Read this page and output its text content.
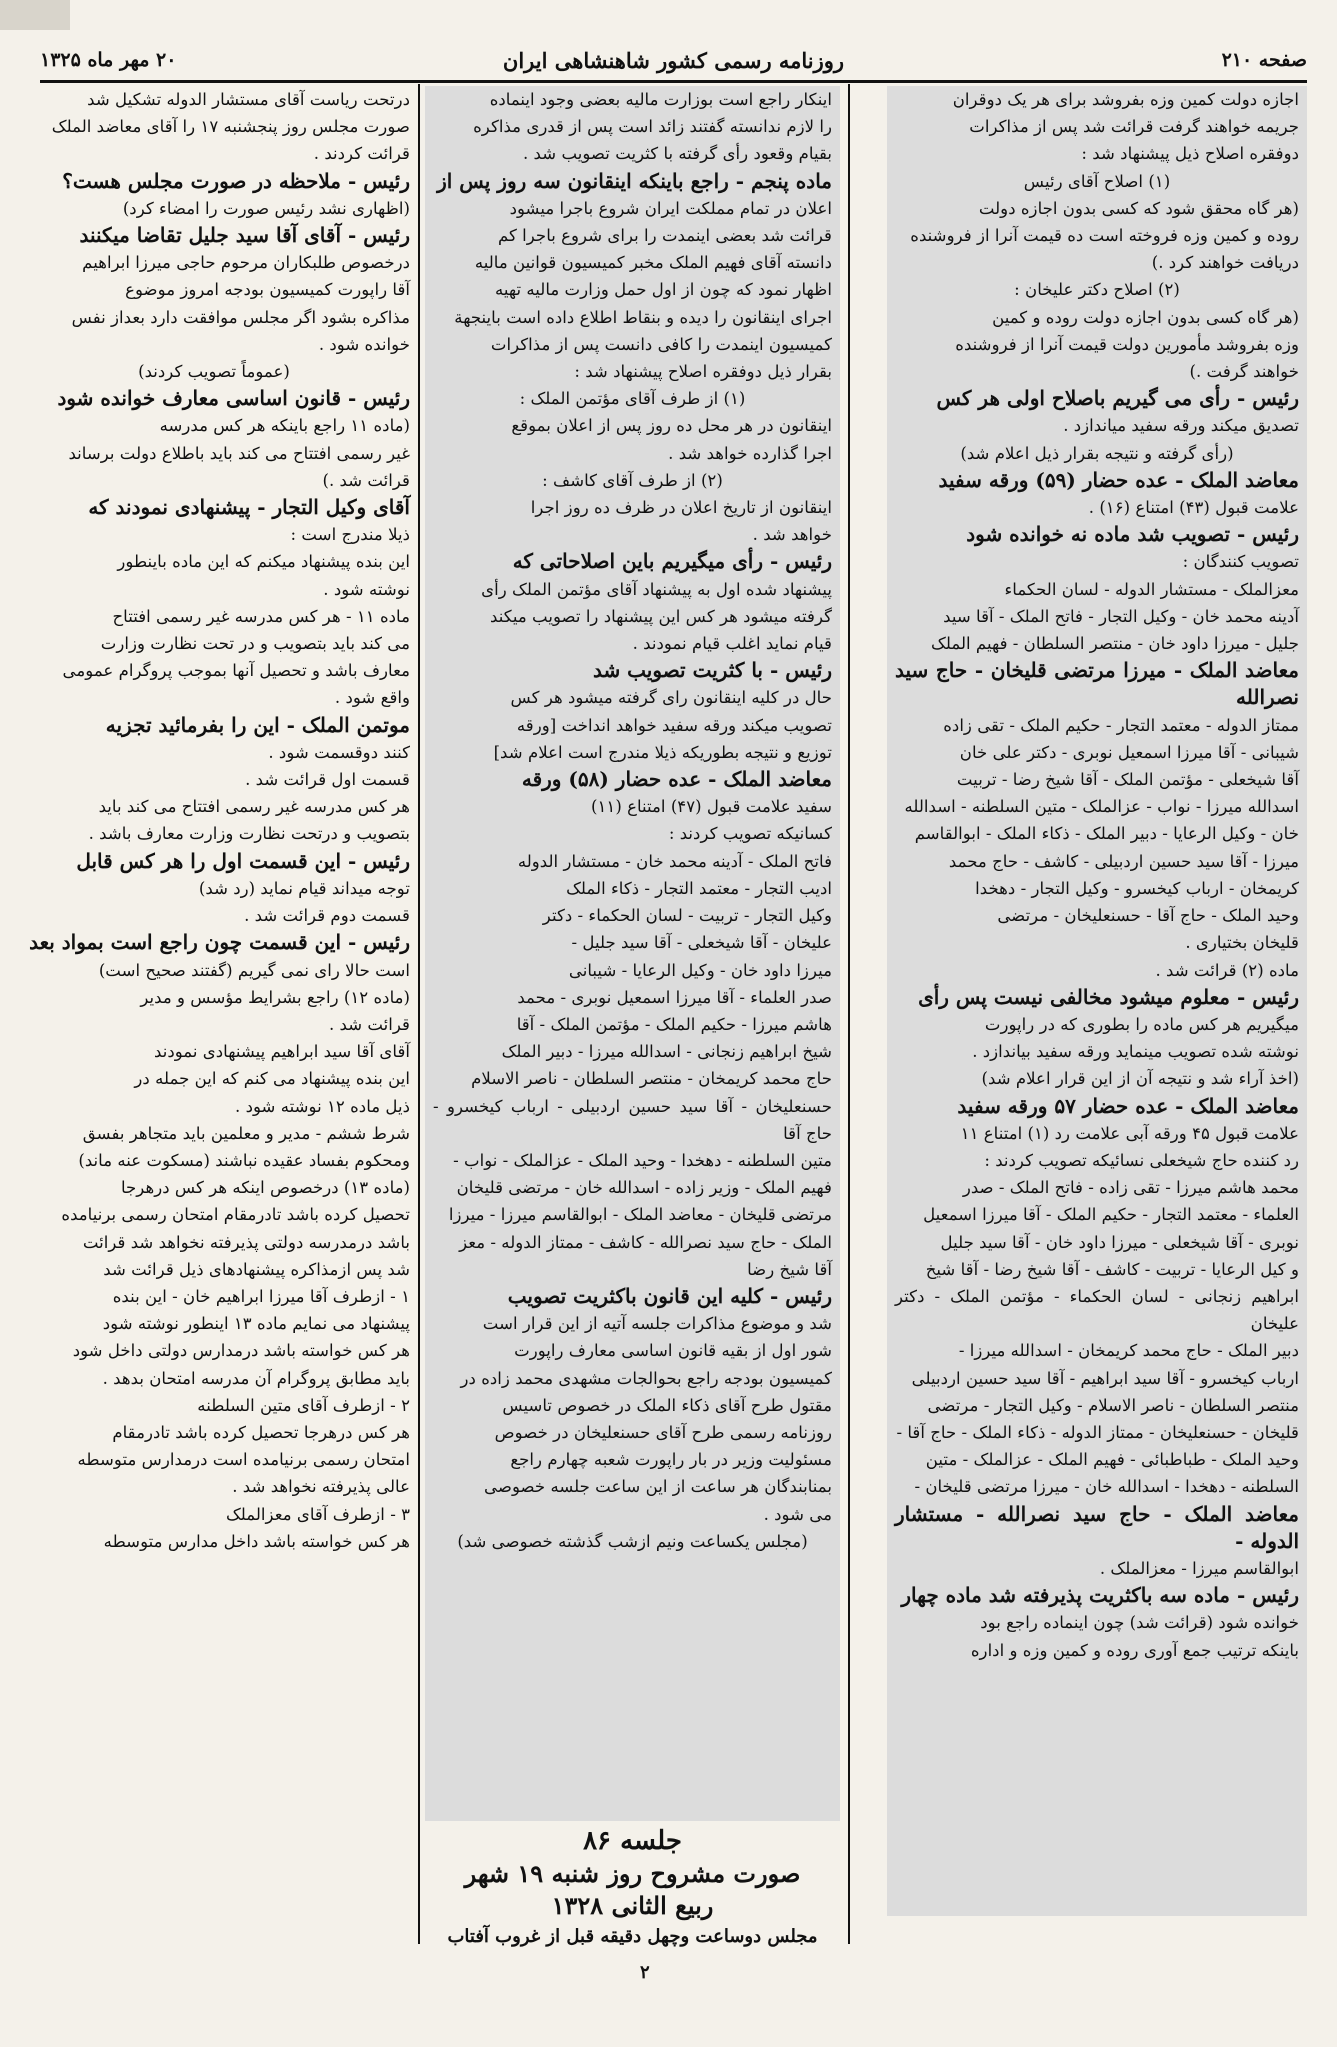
صفحه ۲۱۰
روزنامه رسمی کشور شاهنشاهی ایران
۲۰ مهر ماه ۱۳۲۵

اجازه دولت کمین وزه بفروشد برای هر یک دوقران

جریمه خواهند گرفت قرائت شد پس از مذاکرات

دوفقره اصلاح ذیل پیشنهاد شد :

(۱) اصلاح آقای رئیس

(هر گاه محقق شود که کسی بدون اجازه دولت

روده و کمین وزه فروخته است ده قیمت آنرا از فروشنده

دریافت خواهند کرد .)

(۲) اصلاح دکتر علیخان :

(هر گاه کسی بدون اجازه دولت روده و کمین

وزه بفروشد مأمورین دولت قیمت آنرا از فروشنده

خواهند گرفت .)

رئیس - رأی می گیریم باصلاح اولی هر کس

تصدیق میکند ورقه سفید میاندازد .

(رأی گرفته و نتیجه بقرار ذیل اعلام شد)

معاضد الملک - عده حضار (۵۹) ورقه سفید

علامت قبول (۴۳) امتناع (۱۶) .

رئیس - تصویب شد ماده نه خوانده شود

تصویب کنندگان :

معزالملک - مستشار الدوله - لسان الحکماء

آدینه محمد خان - وکیل التجار - فاتح الملک - آقا سید

جلیل - میرزا داود خان - منتصر السلطان - فهیم الملک

معاضد الملک - میرزا مرتضی قلیخان - حاج سید نصرالله

ممتاز الدوله - معتمد التجار - حکیم الملک - تقی زاده

شیبانی - آقا میرزا اسمعیل نوبری - دکتر علی خان

آقا شیخعلی - مؤتمن الملک - آقا شیخ رضا - تربیت

اسدالله میرزا - نواب - عزالملک - متین السلطنه - اسدالله

خان - وکیل الرعایا - دبیر الملک - ذکاء الملک - ابوالقاسم

میرزا - آقا سید حسین اردبیلی - کاشف - حاج محمد

کریمخان - ارباب کیخسرو - وکیل التجار - دهخدا

وحید الملک - حاج آقا - حسنعلیخان - مرتضی

قلیخان بختیاری .

ماده (۲) قرائت شد .

رئیس - معلوم میشود مخالفی نیست پس رأی

میگیریم هر کس ماده را بطوری که در راپورت

نوشته شده تصویب مینماید ورقه سفید بیاندازد .

(اخذ آراء شد و نتیجه آن از این قرار اعلام شد)

معاضد الملک - عده حضار ۵۷ ورقه سفید

علامت قبول ۴۵ ورقه آبی علامت رد (۱) امتناع ۱۱

رد کننده حاج شیخعلی نسائیکه تصویب کردند :

محمد هاشم میرزا - تقی زاده - فاتح الملک - صدر

العلماء - معتمد التجار - حکیم الملک - آقا میرزا اسمعیل

نوبری - آقا شیخعلی - میرزا داود خان - آقا سید جلیل

و کیل الرعایا - تربیت - کاشف - آقا شیخ رضا - آقا شیخ

ابراهیم زنجانی - لسان الحکماء - مؤتمن الملک - دکتر علیخان

دبیر الملک - حاج محمد کریمخان - اسدالله میرزا -

ارباب کیخسرو - آقا سید ابراهیم - آقا سید حسین اردبیلی

منتصر السلطان - ناصر الاسلام - وکیل التجار - مرتضی

قلیخان - حسنعلیخان - ممتاز الدوله - ذکاء الملک - حاج آقا -

وحید الملک - طباطبائی - فهیم الملک - عزالملک - متین

السلطنه - دهخدا - اسدالله خان - میرزا مرتضی قلیخان -

معاضد الملک - حاج سید نصرالله - مستشار الدوله -

ابوالقاسم میرزا - معزالملک .

رئیس - ماده سه باکثریت پذیرفته شد ماده چهار

خوانده شود (قرائت شد) چون اینماده راجع بود

باینکه ترتیب جمع آوری روده و کمین وزه و اداره

اینکار راجع است بوزارت مالیه بعضی وجود اینماده

را لازم ندانسته گفتند زائد است پس از قدری مذاکره

بقیام وقعود رأی گرفته با کثریت تصویب شد .

ماده پنجم - راجع باینکه اینقانون سه روز پس از

اعلان در تمام مملکت ایران شروع باجرا میشود

قرائت شد بعضی اینمدت را برای شروع باجرا کم

دانسته آقای فهیم الملک مخبر کمیسیون قوانین مالیه

اظهار نمود که چون از اول حمل وزارت مالیه تهیه

اجرای اینقانون را دیده و بنقاط اطلاع داده است باینجهة

کمیسیون اینمدت را کافی دانست پس از مذاکرات

بقرار ذیل دوفقره اصلاح پیشنهاد شد :

(۱) از طرف آقای مؤتمن الملک :

اینقانون در هر محل ده روز پس از اعلان بموقع

اجرا گذارده خواهد شد .

(۲) از طرف آقای کاشف :

اینقانون از تاریخ اعلان در ظرف ده روز اجرا

خواهد شد .

رئیس - رأی میگیریم باین اصلاحاتی که

پیشنهاد شده اول به پیشنهاد آقای مؤتمن الملک رأی

گرفته میشود هر کس این پیشنهاد را تصویب میکند

قیام نماید اغلب قیام نمودند .

رئیس - با کثریت تصویب شد

حال در کلیه اینقانون رای گرفته میشود هر کس

تصویب میکند ورقه سفید خواهد انداخت [ورقه

توزیع و نتیجه بطوریکه ذیلا مندرج است اعلام شد]

معاضد الملک - عده حضار (۵۸) ورقه

سفید علامت قبول (۴۷) امتناع (۱۱)

کسانیکه تصویب کردند :

فاتح الملک - آدینه محمد خان - مستشار الدوله

ادیب التجار - معتمد التجار - ذکاء الملک

وکیل التجار - تربیت - لسان الحکماء - دکتر

علیخان - آقا شیخعلی - آقا سید جلیل -

میرزا داود خان - وکیل الرعایا - شیبانی

صدر العلماء - آقا میرزا اسمعیل نوبری - محمد

هاشم میرزا - حکیم الملک - مؤتمن الملک - آقا

شیخ ابراهیم زنجانی - اسدالله میرزا - دبیر الملک

حاج محمد کریمخان - منتصر السلطان - ناصر الاسلام

حسنعلیخان - آقا سید حسین اردبیلی - ارباب کیخسرو - حاج آقا

متین السلطنه - دهخدا - وحید الملک - عزالملک - نواب -

فهیم الملک - وزیر زاده - اسدالله خان - مرتضی قلیخان

مرتضی قلیخان - معاضد الملک - ابوالقاسم میرزا - میرزا

الملک - حاج سید نصرالله - کاشف - ممتاز الدوله - معز

آقا شیخ رضا

رئیس - کلیه این قانون باکثریت تصویب

شد و موضوع مذاکرات جلسه آتیه از این قرار است

شور اول از بقیه قانون اساسی معارف راپورت

کمیسیون بودجه راجع بحوالجات مشهدی محمد زاده در

مقتول طرح آقای ذکاء الملک در خصوص تاسیس

روزنامه رسمی طرح آقای حسنعلیخان در خصوص

مسئولیت وزیر در بار راپورت شعبه چهارم راجع

بمنابندگان هر ساعت از این ساعت جلسه خصوصی

می شود .

(مجلس یکساعت ونیم ازشب گذشته خصوصی شد)

درتحت ریاست آقای مستشار الدوله تشکیل شد

صورت مجلس روز پنجشنبه ۱۷ را آقای معاضد الملک

قرائت کردند .

رئیس - ملاحظه در صورت مجلس هست؟

(اظهاری نشد رئیس صورت را امضاء کرد)

رئیس - آقای آقا سید جلیل تقاضا میکنند

درخصوص طلبکاران مرحوم حاجی میرزا ابراهیم

آقا راپورت کمیسیون بودجه امروز موضوع

مذاکره بشود اگر مجلس موافقت دارد بعداز نفس

خوانده شود .

(عموماً تصویب کردند)

رئیس - قانون اساسی معارف خوانده شود

(ماده ۱۱ راجع باینکه هر کس مدرسه

غیر رسمی افتتاح می کند باید باطلاع دولت برساند

قرائت شد .)

آقای وکیل التجار - پیشنهادی نمودند که

ذیلا مندرج است :

این بنده پیشنهاد میکنم که این ماده باینطور

نوشته شود .

ماده ۱۱ - هر کس مدرسه غیر رسمی افتتاح

می کند باید بتصویب و در تحت نظارت وزارت

معارف باشد و تحصیل آنها بموجب پروگرام عمومی

واقع شود .

موتمن الملک - این را بفرمائید تجزیه

کنند دوقسمت شود .

قسمت اول قرائت شد .

هر کس مدرسه غیر رسمی افتتاح می کند باید

بتصویب و درتحت نظارت وزارت معارف باشد .

رئیس - این قسمت اول را هر کس قابل

توجه میداند قیام نماید (رد شد)

قسمت دوم قرائت شد .

رئیس - این قسمت چون راجع است بمواد بعد

است حالا رای نمی گیریم (گفتند صحیح است)

(ماده ۱۲) راجع بشرایط مؤسس و مدیر

قرائت شد .

آقای آقا سید ابراهیم پیشنهادی نمودند

این بنده پیشنهاد می کنم که این جمله در

ذیل ماده ۱۲ نوشته شود .

شرط ششم - مدیر و معلمین باید متجاهر بفسق

ومحکوم بفساد عقیده نباشند (مسکوت عنه ماند)

(ماده ۱۳) درخصوص اینکه هر کس درهرجا

تحصیل کرده باشد تادرمقام امتحان رسمی برنیامده

باشد درمدرسه دولتی پذیرفته نخواهد شد قرائت

شد پس ازمذاکره پیشنهادهای ذیل قرائت شد

۱ - ازطرف آقا میرزا ابراهیم خان - این بنده

پیشنهاد می نمایم ماده ۱۳ اینطور نوشته شود

هر کس خواسته باشد درمدارس دولتی داخل شود

باید مطابق پروگرام آن مدرسه امتحان بدهد .

۲ - ازطرف آقای متین السلطنه

هر کس درهرجا تحصیل کرده باشد تادرمقام

امتحان رسمی برنیامده است درمدارس متوسطه

عالی پذیرفته نخواهد شد .

۳ - ازطرف آقای معزالملک

هر کس خواسته باشد داخل مدارس متوسطه

جلسه ۸۶
صورت مشروح روز شنبه ۱۹ شهر
ربیع الثانی ۱۳۲۸
مجلس دوساعت وچهل دقیقه قبل از غروب آفتاب
۲
